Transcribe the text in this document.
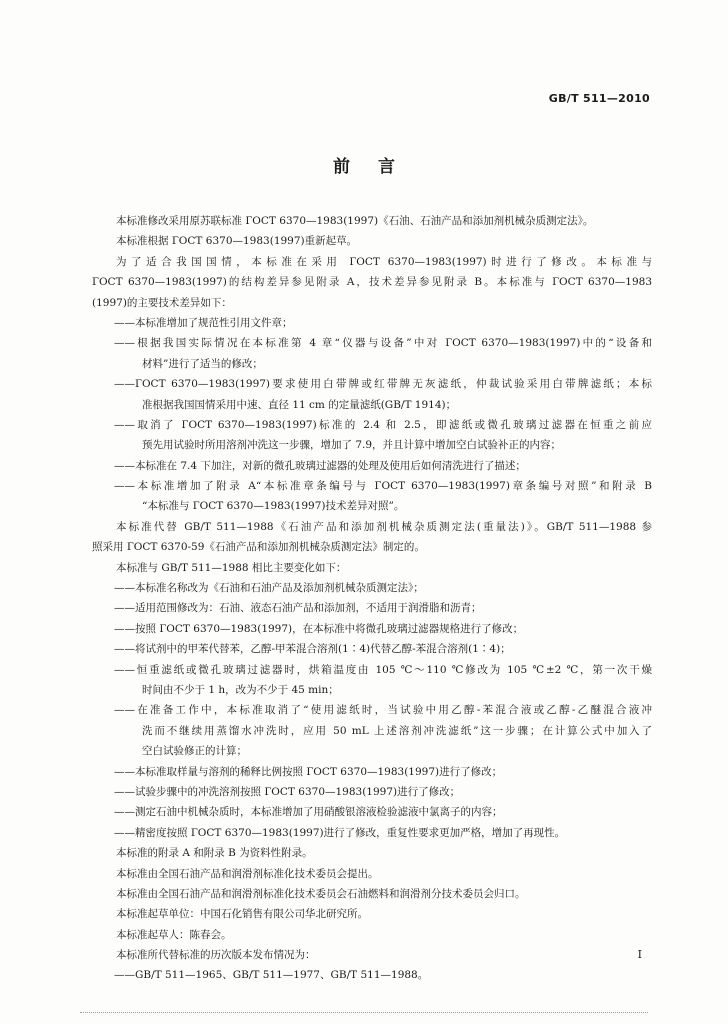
GB/T 511—2010
前言
本标准修改采用原苏联标准 ГОСТ 6370—1983(1997)《石油、石油产品和添加剂机械杂质测定法》。
本标准根据 ГОСТ 6370—1983(1997)重新起草。
为了适合我国国情，本标准在采用 ГОСТ 6370—1983(1997)时进行了修改。本标准与
ГОСТ 6370—1983(1997)的结构差异参见附录 A，技术差异参见附录 B。本标准与 ГОСТ 6370—1983
(1997)的主要技术差异如下：
——本标准增加了规范性引用文件章；
——根据我国实际情况在本标准第 4 章“仪器与设备”中对 ГОСТ 6370—1983(1997)中的“设备和
材料”进行了适当的修改；
——ГОСТ 6370—1983(1997)要求使用白带牌或红带牌无灰滤纸，仲裁试验采用白带牌滤纸；本标
准根据我国国情采用中速、直径 11 cm 的定量滤纸(GB/T 1914)；
——取消了 ГОСТ 6370—1983(1997)标准的 2.4 和 2.5，即滤纸或微孔玻璃过滤器在恒重之前应
预先用试验时所用溶剂冲洗这一步骤，增加了 7.9，并且计算中增加空白试验补正的内容；
——本标准在 7.4 下加注，对新的微孔玻璃过滤器的处理及使用后如何清洗进行了描述；
——本标准增加了附录 A“本标准章条编号与 ГОСТ 6370—1983(1997)章条编号对照”和附录 B
“本标准与 ГОСТ 6370—1983(1997)技术差异对照”。
本标准代替 GB/T 511—1988《石油产品和添加剂机械杂质测定法(重量法)》。GB/T 511—1988 参
照采用 ГОСТ 6370-59《石油产品和添加剂机械杂质测定法》制定的。
本标准与 GB/T 511—1988 相比主要变化如下：
——本标准名称改为《石油和石油产品及添加剂机械杂质测定法》；
——适用范围修改为：石油、液态石油产品和添加剂，不适用于润滑脂和沥青；
——按照 ГОСТ 6370—1983(1997)，在本标准中将微孔玻璃过滤器规格进行了修改；
——将试剂中的甲苯代替苯，乙醇-甲苯混合溶剂(1∶4)代替乙醇-苯混合溶剂(1∶4)；
——恒重滤纸或微孔玻璃过滤器时，烘箱温度由 105 ℃～110 ℃修改为 105 ℃±2 ℃，第一次干燥
时间由不少于 1 h，改为不少于 45 min；
——在准备工作中，本标准取消了“使用滤纸时，当试验中用乙醇-苯混合液或乙醇-乙醚混合液冲
洗而不继续用蒸馏水冲洗时，应用 50 mL 上述溶剂冲洗滤纸”这一步骤；在计算公式中加入了
空白试验修正的计算；
——本标准取样量与溶剂的稀释比例按照 ГОСТ 6370—1983(1997)进行了修改；
——试验步骤中的冲洗溶剂按照 ГОСТ 6370—1983(1997)进行了修改；
——测定石油中机械杂质时，本标准增加了用硝酸银溶液检验滤液中氯离子的内容；
——精密度按照 ГОСТ 6370—1983(1997)进行了修改，重复性要求更加严格，增加了再现性。
本标准的附录 A 和附录 B 为资料性附录。
本标准由全国石油产品和润滑剂标准化技术委员会提出。
本标准由全国石油产品和润滑剂标准化技术委员会石油燃料和润滑剂分技术委员会归口。
本标准起草单位：中国石化销售有限公司华北研究所。
本标准起草人：陈春会。
本标准所代替标准的历次版本发布情况为：
——GB/T 511—1965、GB/T 511—1977、GB/T 511—1988。
I
